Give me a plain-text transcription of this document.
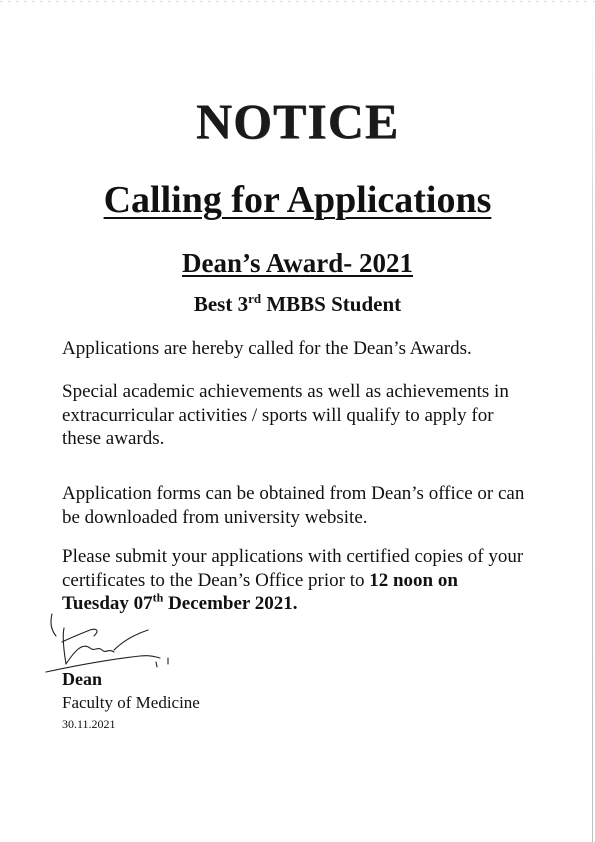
NOTICE
Calling for Applications
Dean’s Award- 2021
Best 3rd MBBS Student

Applications are hereby called for the Dean’s Awards.

Special academic achievements as well as achievements in extracurricular activities / sports will qualify to apply for these awards.

Application forms can be obtained from Dean’s office or can be downloaded from university website.

Please submit your applications with certified copies of your certificates to the Dean’s Office prior to 12 noon on
Tuesday 07th December 2021.

Dean
Faculty of Medicine
30.11.2021
